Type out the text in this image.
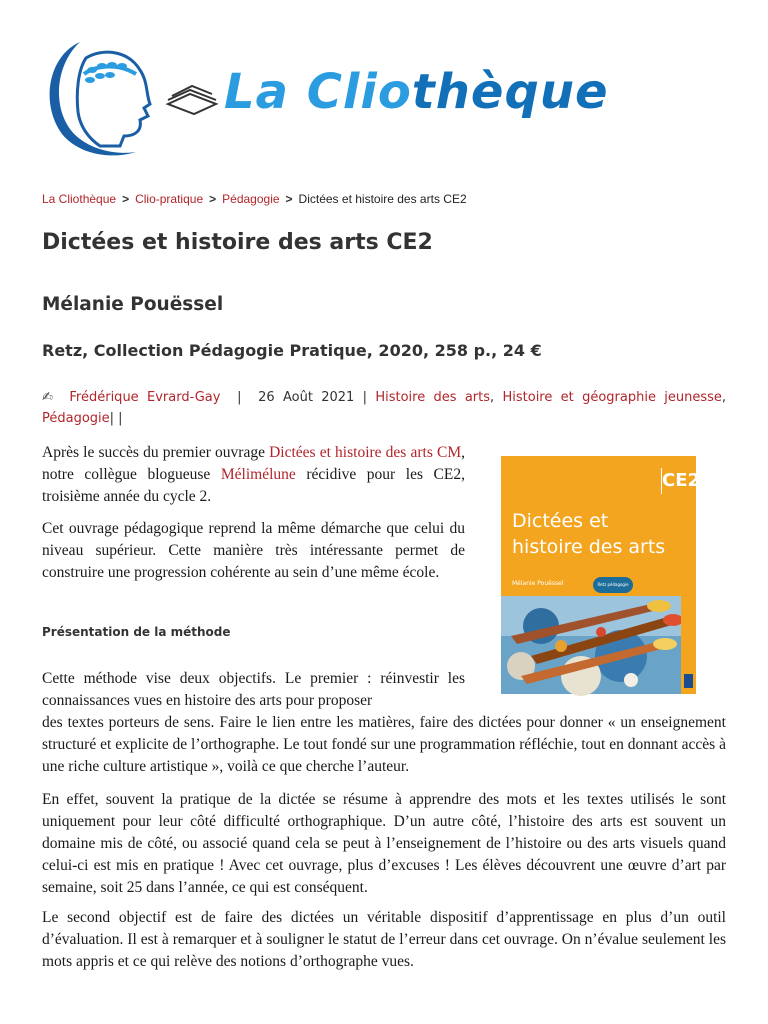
La Cliothèque
La Cliothèque > Clio-pratique > Pédagogie > Dictées et histoire des arts CE2
Dictées et histoire des arts CE2
Mélanie Pouëssel
Retz, Collection Pédagogie Pratique, 2020, 258 p., 24 €
✍ Frédérique Evrard-Gay | 26 Août 2021 | Histoire des arts, Histoire et géographie jeunesse, Pédagogie| |
CE2
Dictées et
histoire des arts
Mélanie Pouëssel	Retz pédagogie

Après le succès du premier ouvrage Dictées et histoire des arts CM, notre collègue blogueuse Mélimélune récidive pour les CE2, troisième année du cycle 2.

Cet ouvrage pédagogique reprend la même démarche que celui du niveau supérieur. Cette manière très intéressante permet de construire une progression cohérente au sein d’une même école.

Présentation de la méthode

Cette méthode vise deux objectifs. Le premier : réinvestir les connaissances vues en histoire des arts pour proposer

des textes porteurs de sens. Faire le lien entre les matières, faire des dictées pour donner « un enseignement structuré et explicite de l’orthographe. Le tout fondé sur une programmation réfléchie, tout en donnant accès à une riche culture artistique », voilà ce que cherche l’auteur.

En effet, souvent la pratique de la dictée se résume à apprendre des mots et les textes utilisés le sont uniquement pour leur côté difficulté orthographique. D’un autre côté, l’histoire des arts est souvent un domaine mis de côté, ou associé quand cela se peut à l’enseignement de l’histoire ou des arts visuels quand celui-ci est mis en pratique ! Avec cet ouvrage, plus d’excuses ! Les élèves découvrent une œuvre d’art par semaine, soit 25 dans l’année, ce qui est conséquent.

Le second objectif est de faire des dictées un véritable dispositif d’apprentissage en plus d’un outil d’évaluation. Il est à remarquer et à souligner le statut de l’erreur dans cet ouvrage. On n’évalue seulement les mots appris et ce qui relève des notions d’orthographe vues.
